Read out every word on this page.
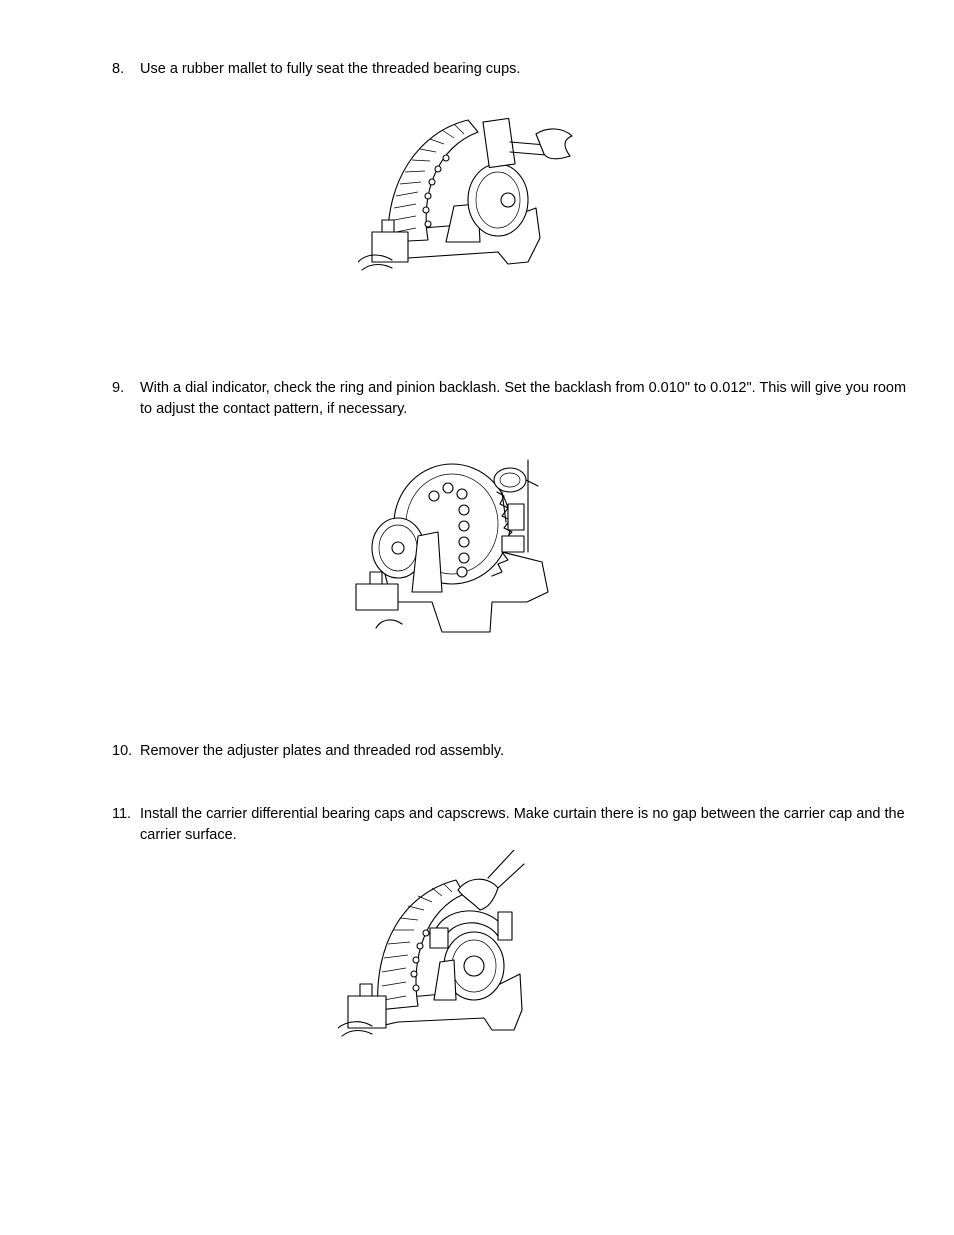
8. Use a rubber mallet to fully seat the threaded bearing cups.
9. With a dial indicator, check the ring and pinion backlash. Set the backlash from 0.010" to 0.012". This will give you room to adjust the contact pattern, if necessary.
10. Remover the adjuster plates and threaded rod assembly.
11. Install the carrier differential bearing caps and capscrews. Make curtain there is no gap between the carrier cap and the carrier surface.
